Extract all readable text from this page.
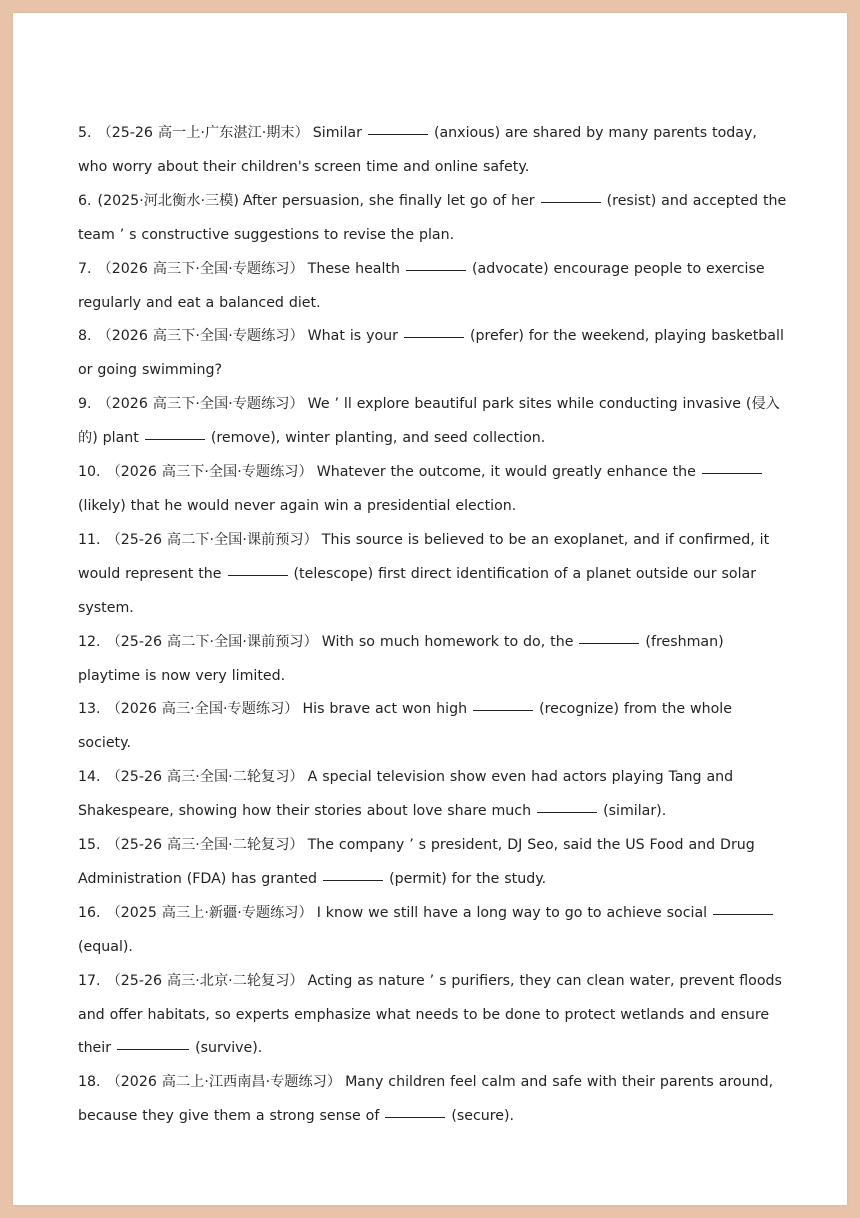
5. （25-26 高一上·广东湛江·期末） Similar	(anxious) are shared by many parents today, who worry about their children's screen time and online safety.

6. (2025·河北衡水·三模) After persuasion, she finally let go of her	(resist) and accepted the team ’ s constructive suggestions to revise the plan.

7. （2026 高三下·全国·专题练习） These health	(advocate) encourage people to exercise regularly and eat a balanced diet.

8. （2026 高三下·全国·专题练习） What is your	(prefer) for the weekend, playing basketball or going swimming?

9. （2026 高三下·全国·专题练习） We ’ ll explore beautiful park sites while conducting invasive (侵入的) plant	(remove), winter planting, and seed collection.

10. （2026 高三下·全国·专题练习） Whatever the outcome, it would greatly enhance the(likely) that he would never again win a presidential election.

11. （25-26 高二下·全国·课前预习） This source is believed to be an exoplanet, and if confirmed, it would represent the	(telescope) first direct identification of a planet outside our solar system.

12. （25-26 高二下·全国·课前预习） With so much homework to do, the	(freshman) playtime is now very limited.

13. （2026 高三·全国·专题练习） His brave act won high	(recognize) from the whole society.

14. （25-26 高三·全国·二轮复习） A special television show even had actors playing Tang and Shakespeare, showing how their stories about love share much	(similar).

15. （25-26 高三·全国·二轮复习） The company ’ s president, DJ Seo, said the US Food and Drug Administration (FDA) has granted	(permit) for the study.

16. （2025 高三上·新疆·专题练习） I know we still have a long way to go to achieve social(equal).

17. （25-26 高三·北京·二轮复习） Acting as nature ’ s purifiers, they can clean water, prevent floods and offer habitats, so experts emphasize what needs to be done to protect wetlands and ensure their	(survive).

18. （2026 高二上·江西南昌·专题练习） Many children feel calm and safe with their parents around, because they give them a strong sense of	(secure).
